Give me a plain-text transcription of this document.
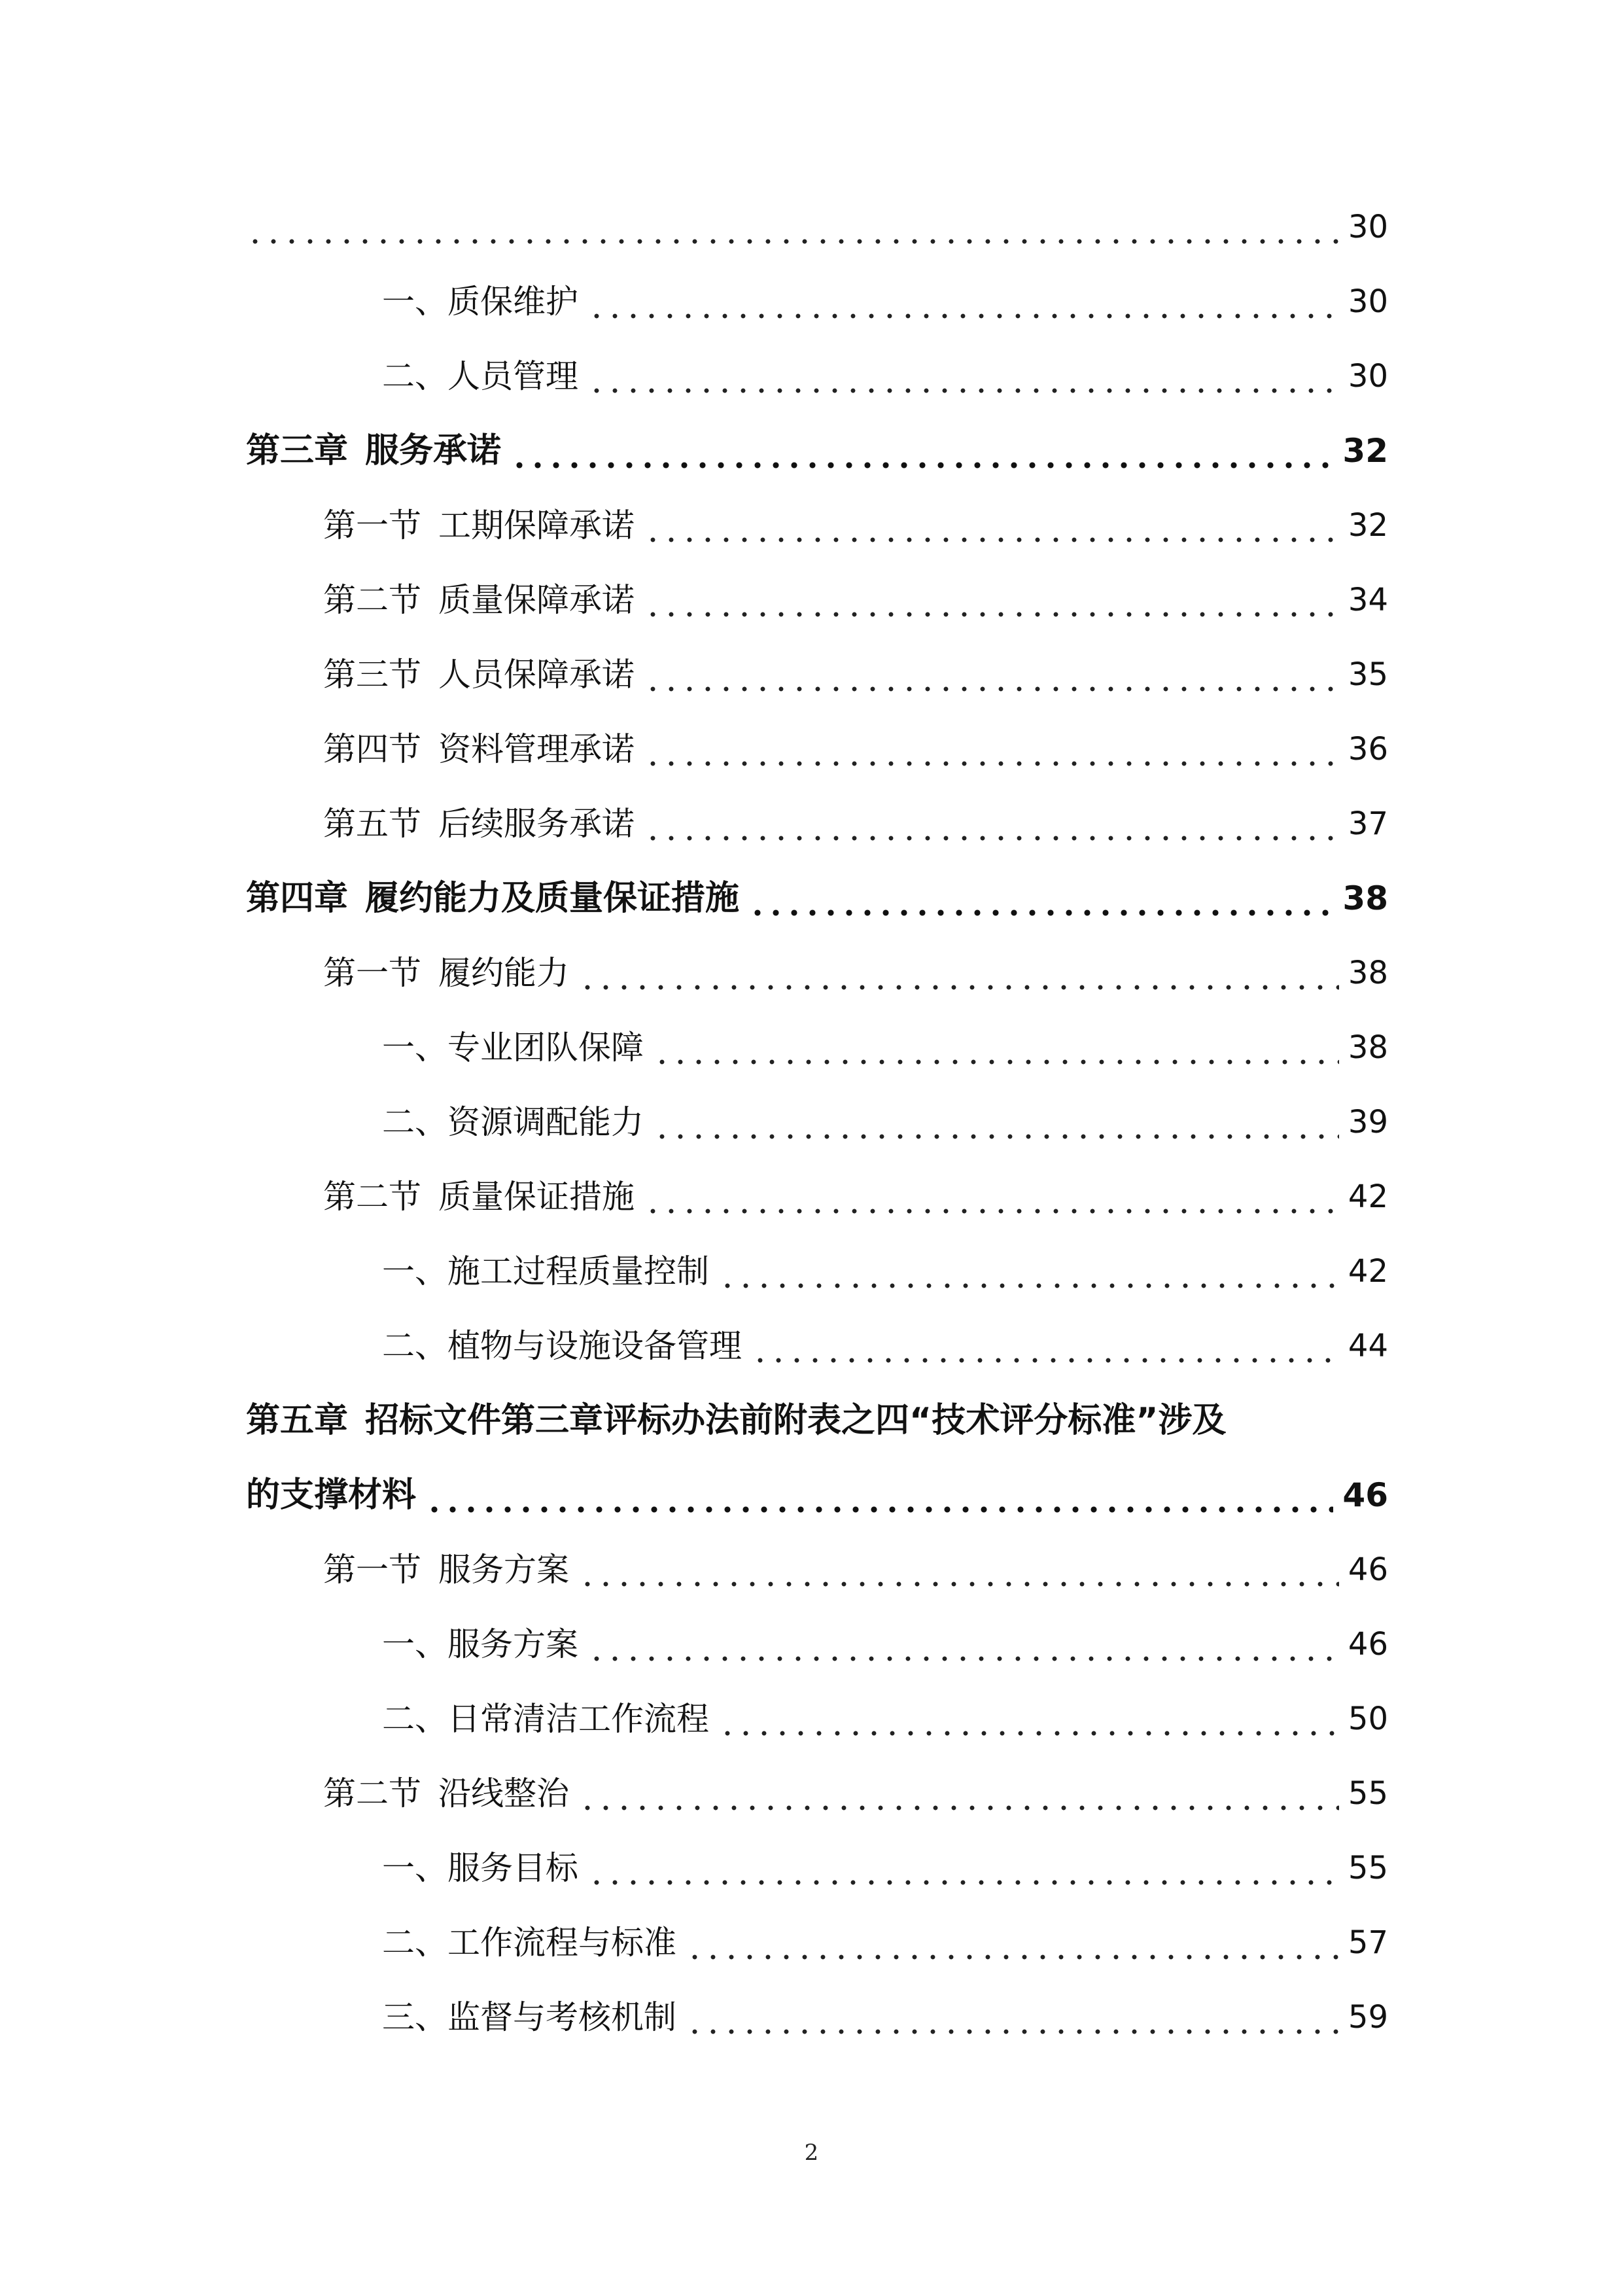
30
一、质保维护	30
二、人员管理	30
第三章 服务承诺	32
第一节 工期保障承诺	32
第二节 质量保障承诺	34
第三节 人员保障承诺	35
第四节 资料管理承诺	36
第五节 后续服务承诺	37
第四章 履约能力及质量保证措施	38
第一节 履约能力	38
一、专业团队保障	38
二、资源调配能力	39
第二节 质量保证措施	42
一、施工过程质量控制	42
二、植物与设施设备管理	44
第五章 招标文件第三章评标办法前附表之四“技术评分标准”涉及
的支撑材料	46
第一节 服务方案	46
一、服务方案	46
二、日常清洁工作流程	50
第二节 沿线整治	55
一、服务目标	55
二、工作流程与标准	57
三、监督与考核机制	59
2
